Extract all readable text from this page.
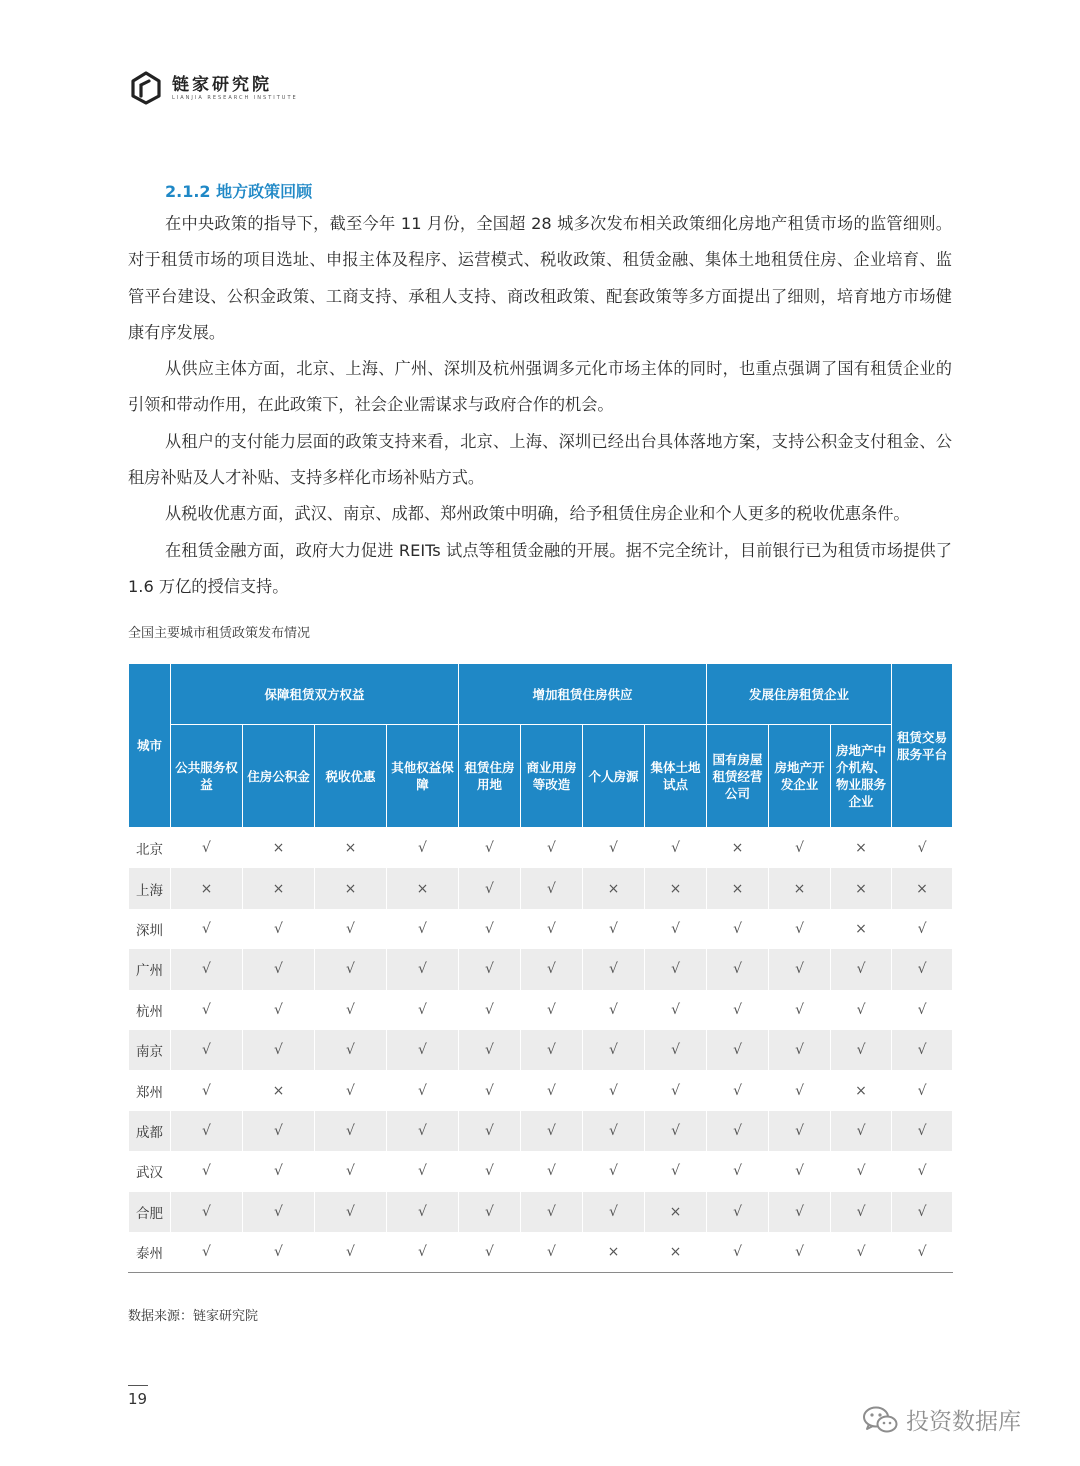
链家研究院
LIANJIA RESEARCH INSTITUTE
2.1.2 地方政策回顾

在中央政策的指导下，截至今年 11 月份，全国超 28 城多次发布相关政策细化房地产租赁市场的监管细则。对于租赁市场的项目选址、申报主体及程序、运营模式、税收政策、租赁金融、集体土地租赁住房、企业培育、监管平台建设、公积金政策、工商支持、承租人支持、商改租政策、配套政策等多方面提出了细则，培育地方市场健康有序发展。

从供应主体方面，北京、上海、广州、深圳及杭州强调多元化市场主体的同时，也重点强调了国有租赁企业的引领和带动作用，在此政策下，社会企业需谋求与政府合作的机会。

从租户的支付能力层面的政策支持来看，北京、上海、深圳已经出台具体落地方案，支持公积金支付租金、公租房补贴及人才补贴、支持多样化市场补贴方式。

从税收优惠方面，武汉、南京、成都、郑州政策中明确，给予租赁住房企业和个人更多的税收优惠条件。

在租赁金融方面，政府大力促进 REITs 试点等租赁金融的开展。据不完全统计，目前银行已为租赁市场提供了 1.6 万亿的授信支持。

全国主要城市租赁政策发布情况
城市	保障租赁双方权益				增加租赁住房供应				发展住房租赁企业			租赁交易服务平台
	公共服务权益	住房公积金	税收优惠	其他权益保障	租赁住房用地	商业用房等改造	个人房源	集体土地试点	国有房屋租赁经营公司	房地产开发企业	房地产中介机构、物业服务企业	
北京	√	×	×	√	√	√	√	√	×	√	×	√
上海	×	×	×	×	√	√	×	×	×	×	×	×
深圳	√	√	√	√	√	√	√	√	√	√	×	√
广州	√	√	√	√	√	√	√	√	√	√	√	√
杭州	√	√	√	√	√	√	√	√	√	√	√	√
南京	√	√	√	√	√	√	√	√	√	√	√	√
郑州	√	×	√	√	√	√	√	√	√	√	×	√
成都	√	√	√	√	√	√	√	√	√	√	√	√
武汉	√	√	√	√	√	√	√	√	√	√	√	√
合肥	√	√	√	√	√	√	√	×	√	√	√	√
泰州	√	√	√	√	√	√	×	×	√	√	√	√
数据来源：链家研究院
19
投资数据库
